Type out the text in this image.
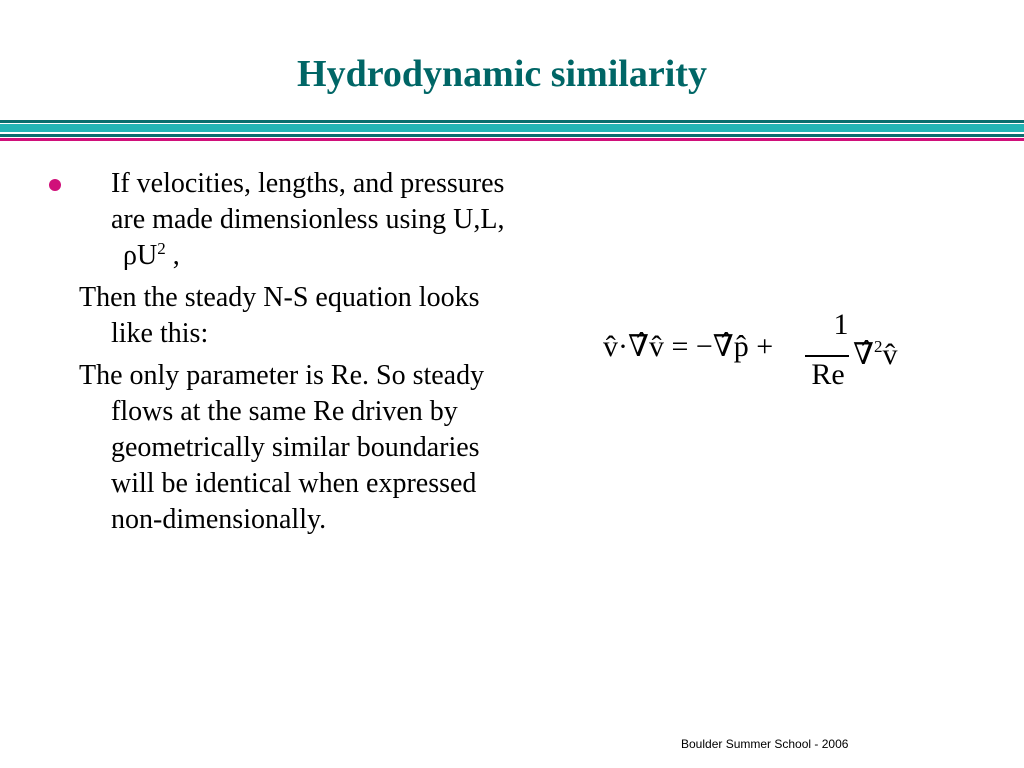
Hydrodynamic similarity

If velocities, lengths, and pressures are made dimensionless using U,L,
$\rho U^2$ ,

Then the steady N-S equation looks like this:

The only parameter is Re. So steady flows at the same Re driven by geometrically similar boundaries will be identical when expressed non-dimensionally.

v̂·∇̂v̂ = −∇̂p̂ +
1
Re
∇̂$^2$v̂
Boulder Summer School - 2006
